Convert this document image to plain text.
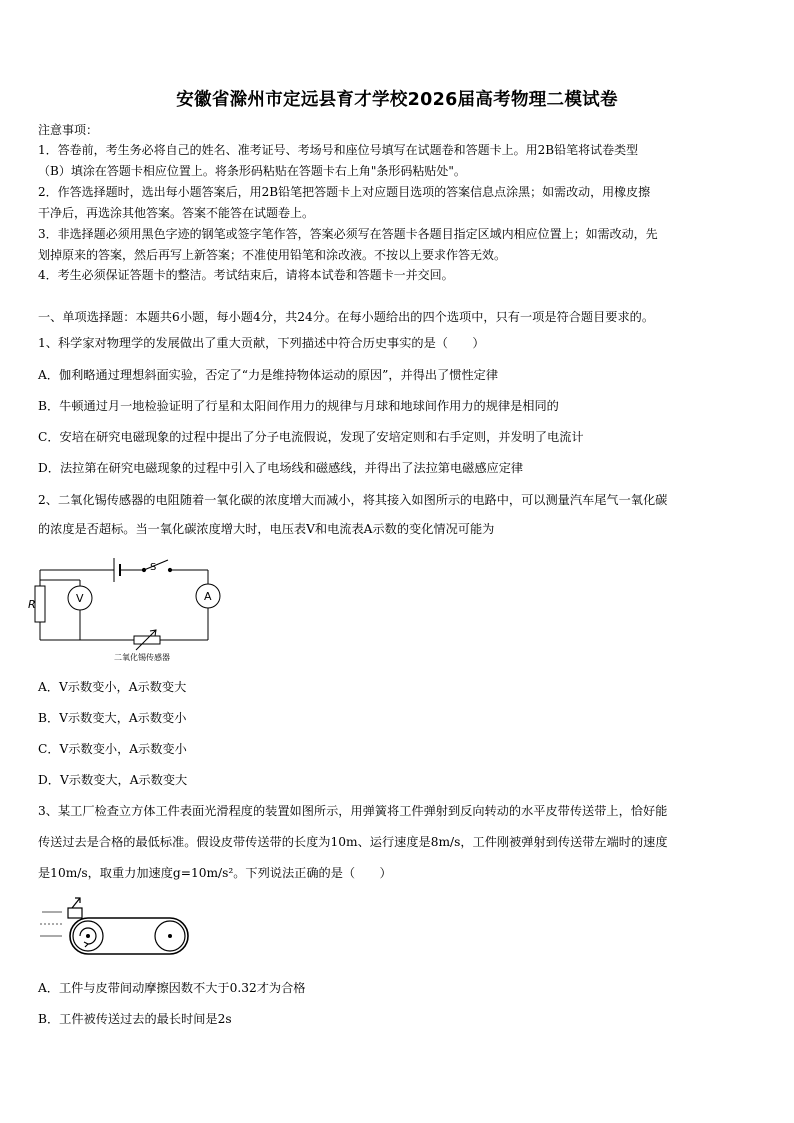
安徽省滁州市定远县育才学校2026届高考物理二模试卷
注意事项：
1．答卷前，考生务必将自己的姓名、准考证号、考场号和座位号填写在试题卷和答题卡上。用2B铅笔将试卷类型
（B）填涂在答题卡相应位置上。将条形码粘贴在答题卡右上角"条形码粘贴处"。
2．作答选择题时，选出每小题答案后，用2B铅笔把答题卡上对应题目选项的答案信息点涂黑；如需改动，用橡皮擦
干净后，再选涂其他答案。答案不能答在试题卷上。
3．非选择题必须用黑色字迹的钢笔或签字笔作答，答案必须写在答题卡各题目指定区域内相应位置上；如需改动，先
划掉原来的答案，然后再写上新答案；不准使用铅笔和涂改液。不按以上要求作答无效。
4．考生必须保证答题卡的整洁。考试结束后，请将本试卷和答题卡一并交回。
一、单项选择题：本题共6小题，每小题4分，共24分。在每小题给出的四个选项中，只有一项是符合题目要求的。
1、科学家对物理学的发展做出了重大贡献，下列描述中符合历史事实的是（　　）
A．伽利略通过理想斜面实验，否定了“力是维持物体运动的原因”，并得出了惯性定律
B．牛顿通过月一地检验证明了行星和太阳间作用力的规律与月球和地球间作用力的规律是相同的
C．安培在研究电磁现象的过程中提出了分子电流假说，发现了安培定则和右手定则，并发明了电流计
D．法拉第在研究电磁现象的过程中引入了电场线和磁感线，并得出了法拉第电磁感应定律
2、二氧化锡传感器的电阻随着一氧化碳的浓度增大而减小，将其接入如图所示的电路中，可以测量汽车尾气一氧化碳
的浓度是否超标。当一氧化碳浓度增大时，电压表V和电流表A示数的变化情况可能为
R	V	A
S
二氧化锡传感器
A．V示数变小，A示数变大
B．V示数变大，A示数变小
C．V示数变小，A示数变小
D．V示数变大，A示数变大
3、某工厂检查立方体工件表面光滑程度的装置如图所示，用弹簧将工件弹射到反向转动的水平皮带传送带上，恰好能
传送过去是合格的最低标准。假设皮带传送带的长度为10m、运行速度是8m/s，工件刚被弹射到传送带左端时的速度
是10m/s，取重力加速度g=10m/s²。下列说法正确的是（　　）
A．工件与皮带间动摩擦因数不大于0.32才为合格
B．工件被传送过去的最长时间是2s
